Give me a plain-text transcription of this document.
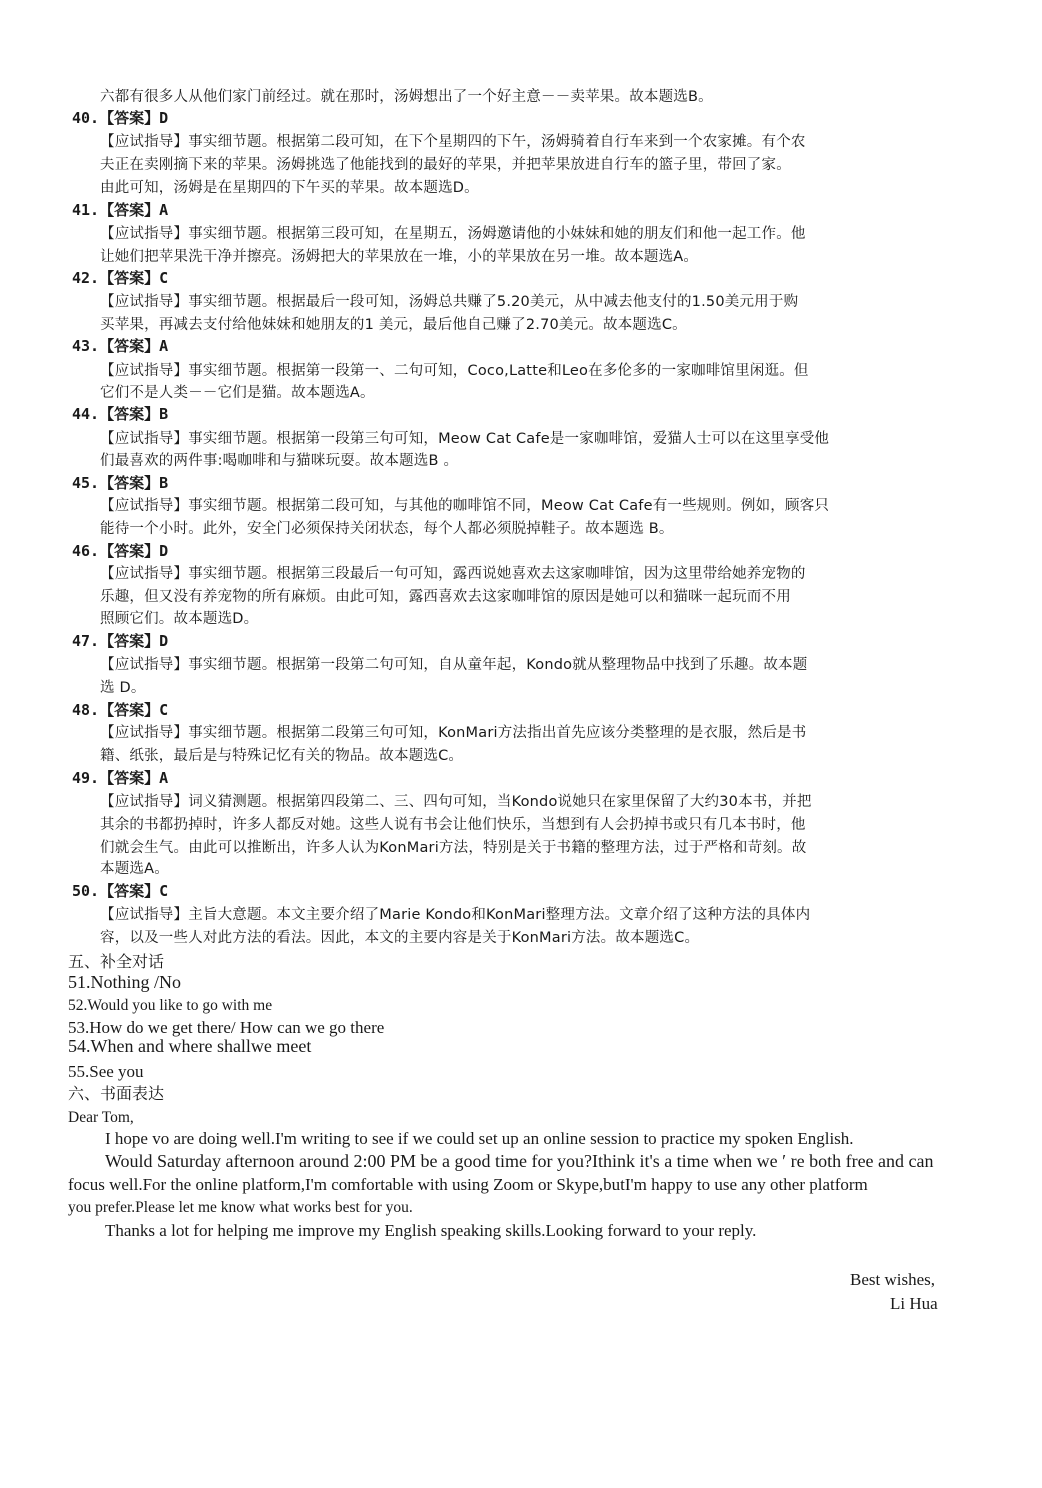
六都有很多人从他们家门前经过。就在那时，汤姆想出了一个好主意－－卖苹果。故本题选B。
40.【答案】D
【应试指导】事实细节题。根据第二段可知，在下个星期四的下午，汤姆骑着自行车来到一个农家摊。有个农
夫正在卖刚摘下来的苹果。汤姆挑选了他能找到的最好的苹果，并把苹果放进自行车的篮子里，带回了家。
由此可知，汤姆是在星期四的下午买的苹果。故本题选D。
41.【答案】A
【应试指导】事实细节题。根据第三段可知，在星期五，汤姆邀请他的小妹妹和她的朋友们和他一起工作。他
让她们把苹果洗干净并擦亮。汤姆把大的苹果放在一堆，小的苹果放在另一堆。故本题选A。
42.【答案】C
【应试指导】事实细节题。根据最后一段可知，汤姆总共赚了5.20美元，从中减去他支付的1.50美元用于购
买苹果，再减去支付给他妹妹和她朋友的1 美元，最后他自己赚了2.70美元。故本题选C。
43.【答案】A
【应试指导】事实细节题。根据第一段第一、二句可知，Coco,Latte和Leo在多伦多的一家咖啡馆里闲逛。但
它们不是人类－－它们是猫。故本题选A。
44.【答案】B
【应试指导】事实细节题。根据第一段第三句可知，Meow Cat Cafe是一家咖啡馆，爱猫人士可以在这里享受他
们最喜欢的两件事:喝咖啡和与猫咪玩耍。故本题选B 。
45.【答案】B
【应试指导】事实细节题。根据第二段可知，与其他的咖啡馆不同，Meow Cat Cafe有一些规则。例如，顾客只
能待一个小时。此外，安全门必须保持关闭状态，每个人都必须脱掉鞋子。故本题选 B。
46.【答案】D
【应试指导】事实细节题。根据第三段最后一句可知，露西说她喜欢去这家咖啡馆，因为这里带给她养宠物的
乐趣，但又没有养宠物的所有麻烦。由此可知，露西喜欢去这家咖啡馆的原因是她可以和猫咪一起玩而不用
照顾它们。故本题选D。
47.【答案】D
【应试指导】事实细节题。根据第一段第二句可知，自从童年起，Kondo就从整理物品中找到了乐趣。故本题
选 D。
48.【答案】C
【应试指导】事实细节题。根据第二段第三句可知，KonMari方法指出首先应该分类整理的是衣服，然后是书
籍、纸张，最后是与特殊记忆有关的物品。故本题选C。
49.【答案】A
【应试指导】词义猜测题。根据第四段第二、三、四句可知，当Kondo说她只在家里保留了大约30本书，并把
其余的书都扔掉时，许多人都反对她。这些人说有书会让他们快乐，当想到有人会扔掉书或只有几本书时，他
们就会生气。由此可以推断出，许多人认为KonMari方法，特别是关于书籍的整理方法，过于严格和苛刻。故
本题选A。
50.【答案】C
【应试指导】主旨大意题。本文主要介绍了Marie Kondo和KonMari整理方法。文章介绍了这种方法的具体内
容，以及一些人对此方法的看法。因此，本文的主要内容是关于KonMari方法。故本题选C。
五、补全对话
51.Nothing /No
52.Would you like to go with me
53.How do we get there/ How can we go there
54.When and where shallwe meet
55.See you
六、书面表达
Dear Tom,
I hope vo are doing well.I'm writing to see if we could set up an online session to practice my spoken English.
Would Saturday afternoon around 2:00 PM be a good time for you?Ithink it's a time when we ′ re both free and can
focus well.For the online platform,I'm comfortable with using Zoom or Skype,butI'm happy to use any other platform
you prefer.Please let me know what works best for you.
Thanks a lot for helping me improve my English speaking skills.Looking forward to your reply.
Best wishes,
Li Hua
